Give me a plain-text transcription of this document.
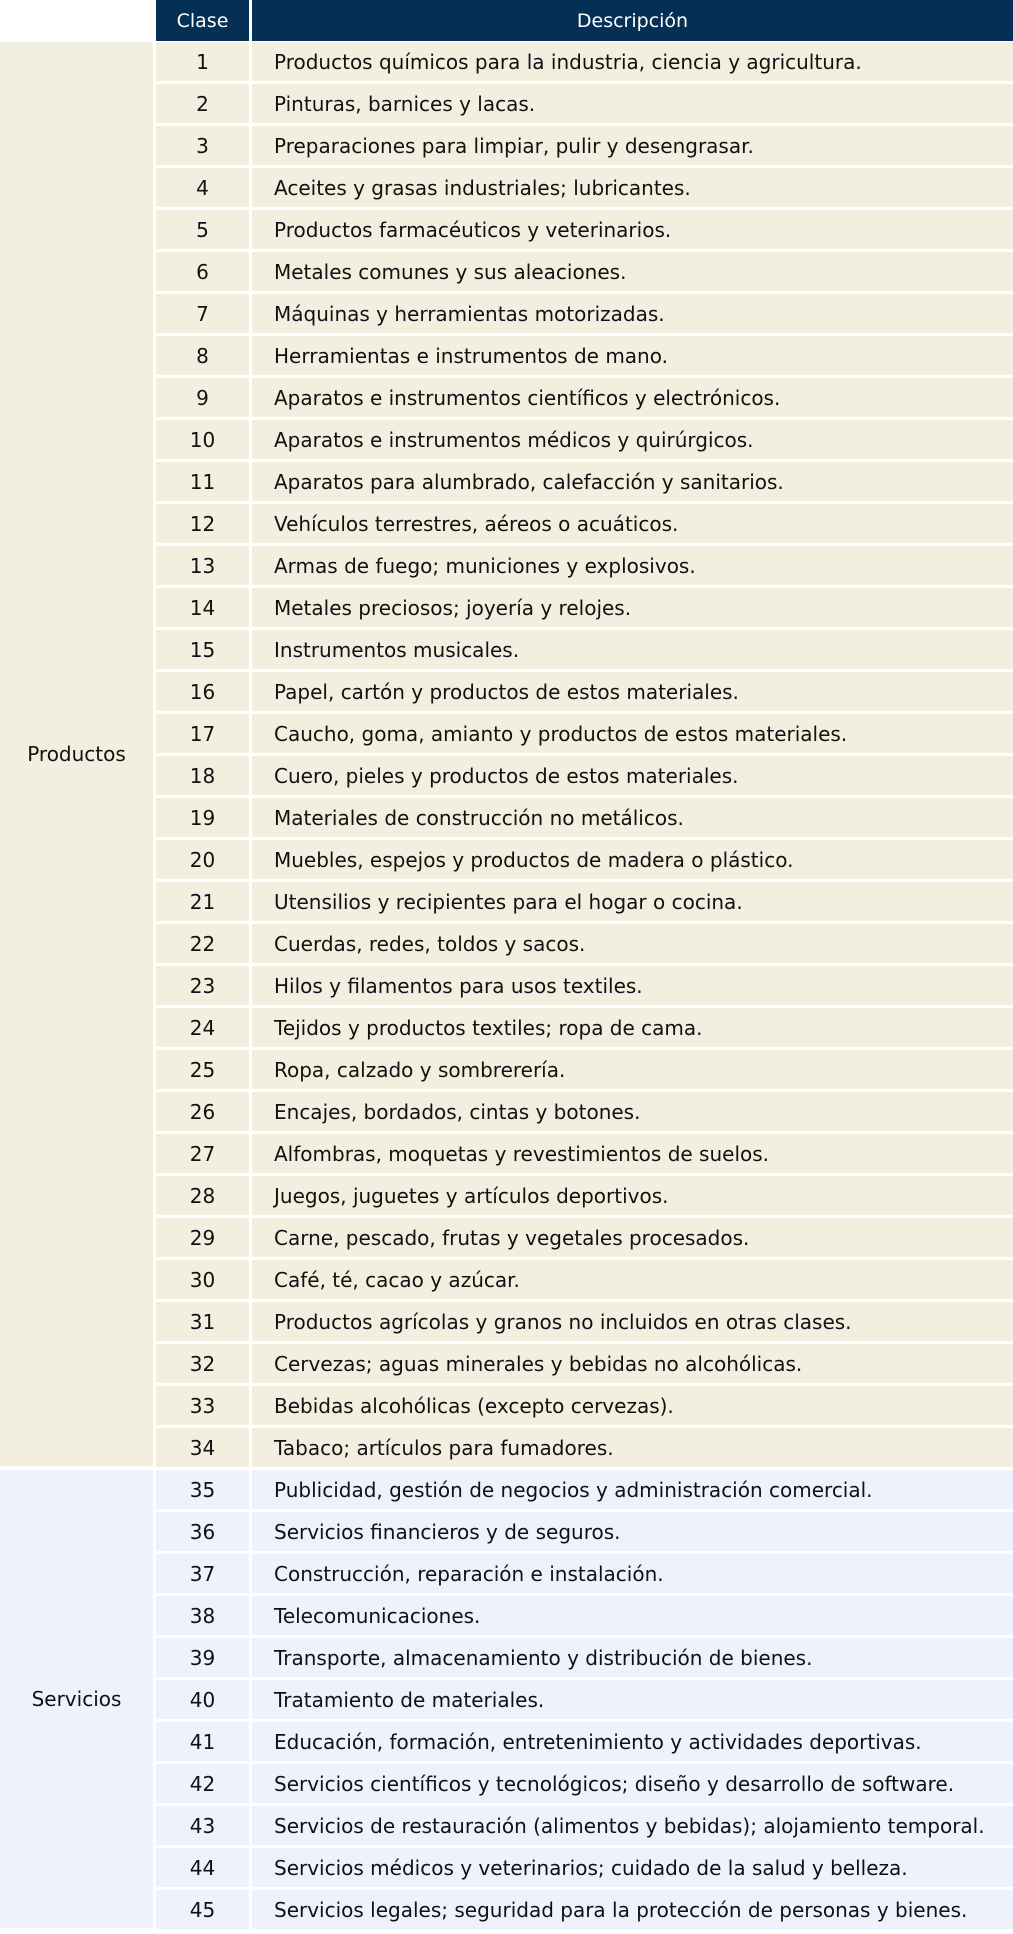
Clase	Descripción
Productos
1	Productos químicos para la industria, ciencia y agricultura.
2	Pinturas, barnices y lacas.
3	Preparaciones para limpiar, pulir y desengrasar.
4	Aceites y grasas industriales; lubricantes.
5	Productos farmacéuticos y veterinarios.
6	Metales comunes y sus aleaciones.
7	Máquinas y herramientas motorizadas.
8	Herramientas e instrumentos de mano.
9	Aparatos e instrumentos científicos y electrónicos.
10	Aparatos e instrumentos médicos y quirúrgicos.
11	Aparatos para alumbrado, calefacción y sanitarios.
12	Vehículos terrestres, aéreos o acuáticos.
13	Armas de fuego; municiones y explosivos.
14	Metales preciosos; joyería y relojes.
15	Instrumentos musicales.
16	Papel, cartón y productos de estos materiales.
17	Caucho, goma, amianto y productos de estos materiales.
18	Cuero, pieles y productos de estos materiales.
19	Materiales de construcción no metálicos.
20	Muebles, espejos y productos de madera o plástico.
21	Utensilios y recipientes para el hogar o cocina.
22	Cuerdas, redes, toldos y sacos.
23	Hilos y filamentos para usos textiles.
24	Tejidos y productos textiles; ropa de cama.
25	Ropa, calzado y sombrerería.
26	Encajes, bordados, cintas y botones.
27	Alfombras, moquetas y revestimientos de suelos.
28	Juegos, juguetes y artículos deportivos.
29	Carne, pescado, frutas y vegetales procesados.
30	Café, té, cacao y azúcar.
31	Productos agrícolas y granos no incluidos en otras clases.
32	Cervezas; aguas minerales y bebidas no alcohólicas.
33	Bebidas alcohólicas (excepto cervezas).
34	Tabaco; artículos para fumadores.
Servicios
35	Publicidad, gestión de negocios y administración comercial.
36	Servicios financieros y de seguros.
37	Construcción, reparación e instalación.
38	Telecomunicaciones.
39	Transporte, almacenamiento y distribución de bienes.
40	Tratamiento de materiales.
41	Educación, formación, entretenimiento y actividades deportivas.
42	Servicios científicos y tecnológicos; diseño y desarrollo de software.
43	Servicios de restauración (alimentos y bebidas); alojamiento temporal.
44	Servicios médicos y veterinarios; cuidado de la salud y belleza.
45	Servicios legales; seguridad para la protección de personas y bienes.
